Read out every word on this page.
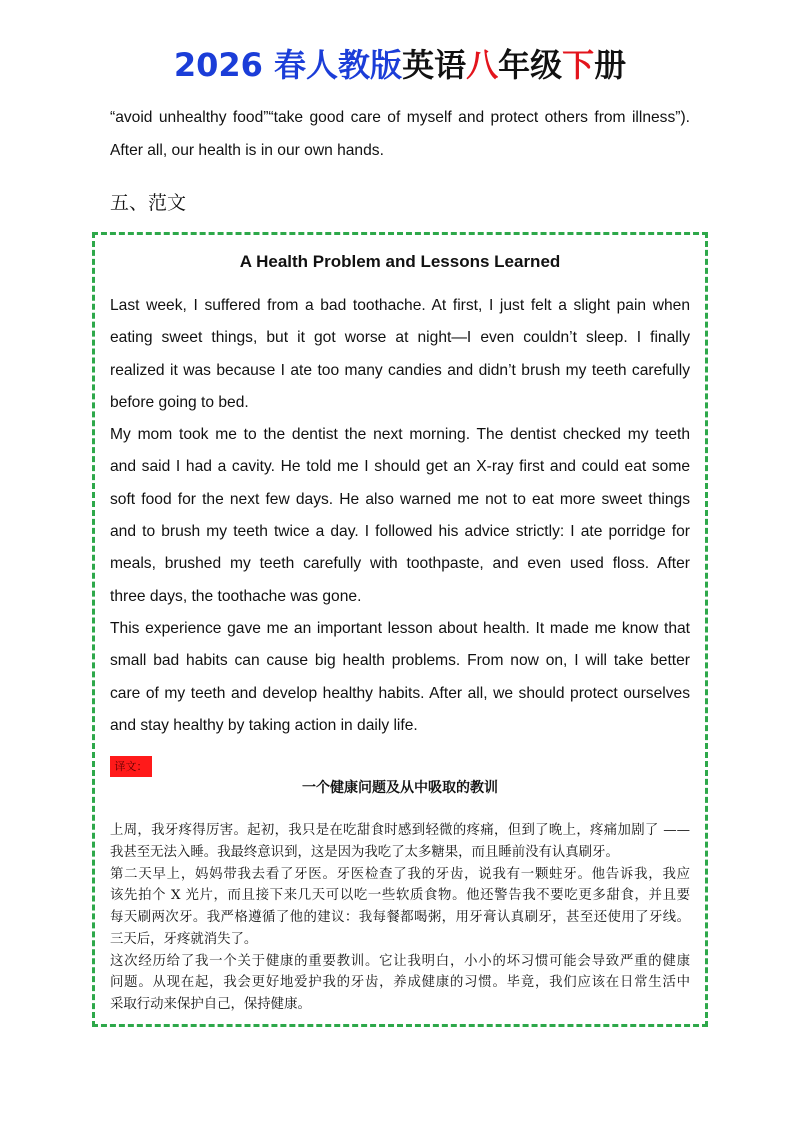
2026 春人教版英语八年级下册
“avoid unhealthy food”“take good care of myself and protect others from illness”).
After all, our health is in our own hands.
五、范文
A Health Problem and Lessons Learned
Last week, I suffered from a bad toothache. At first, I just felt a slight pain when
eating sweet things, but it got worse at night—I even couldn’t sleep. I finally
realized it was because I ate too many candies and didn’t brush my teeth carefully
before going to bed.
My mom took me to the dentist the next morning. The dentist checked my teeth
and said I had a cavity. He told me I should get an X-ray first and could eat some
soft food for the next few days. He also warned me not to eat more sweet things
and to brush my teeth twice a day. I followed his advice strictly: I ate porridge for
meals, brushed my teeth carefully with toothpaste, and even used floss. After
three days, the toothache was gone.
This experience gave me an important lesson about health. It made me know that
small bad habits can cause big health problems. From now on, I will take better
care of my teeth and develop healthy habits. After all, we should protect ourselves
and stay healthy by taking action in daily life.
译文：
一个健康问题及从中吸取的教训
上周，我牙疼得厉害。起初，我只是在吃甜食时感到轻微的疼痛，但到了晚上，疼痛加剧了 ——
我甚至无法入睡。我最终意识到，这是因为我吃了太多糖果，而且睡前没有认真刷牙。
第二天早上，妈妈带我去看了牙医。牙医检查了我的牙齿，说我有一颗蛀牙。他告诉我，我应
该先拍个 X 光片，而且接下来几天可以吃一些软质食物。他还警告我不要吃更多甜食，并且要
每天刷两次牙。我严格遵循了他的建议：我每餐都喝粥，用牙膏认真刷牙，甚至还使用了牙线。
三天后，牙疼就消失了。
这次经历给了我一个关于健康的重要教训。它让我明白，小小的坏习惯可能会导致严重的健康
问题。从现在起，我会更好地爱护我的牙齿，养成健康的习惯。毕竟，我们应该在日常生活中
采取行动来保护自己，保持健康。
